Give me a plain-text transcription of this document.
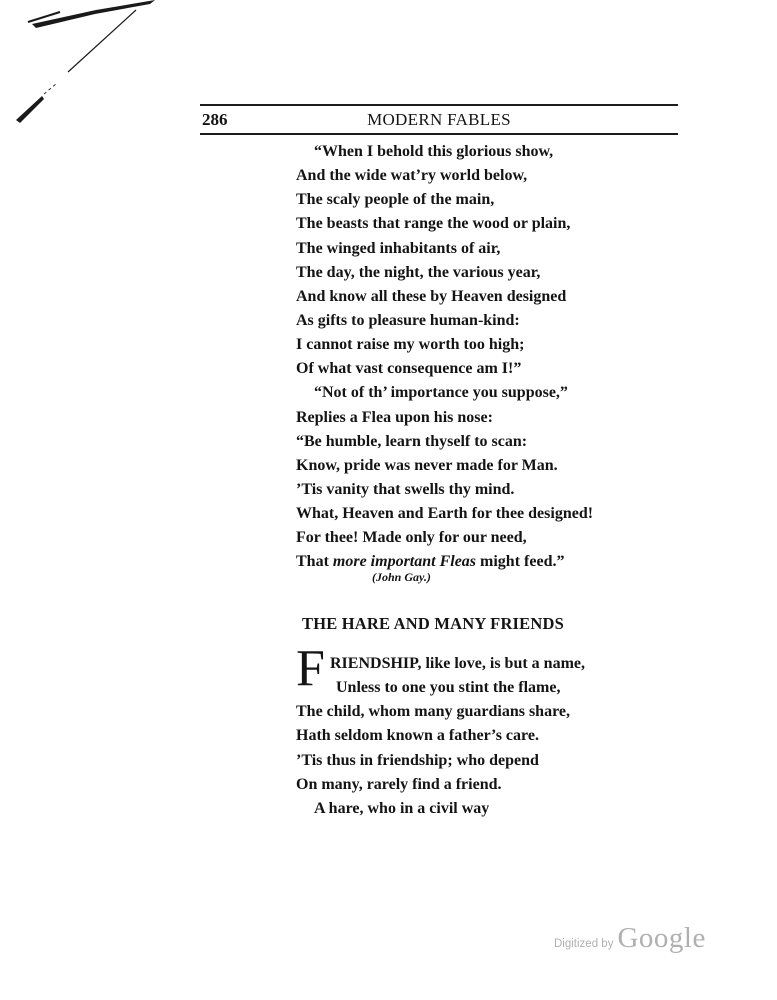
286	MODERN FABLES
“When I behold this glorious show,
And the wide wat’ry world below,
The scaly people of the main,
The beasts that range the wood or plain,
The winged inhabitants of air,
The day, the night, the various year,
And know all these by Heaven designed
As gifts to pleasure human-kind:
I cannot raise my worth too high;
Of what vast consequence am I!”
“Not of th’ importance you suppose,”
Replies a Flea upon his nose:
“Be humble, learn thyself to scan:
Know, pride was never made for Man.
’Tis vanity that swells thy mind.
What, Heaven and Earth for thee designed!
For thee! Made only for our need,
That more important Fleas might feed.”
(John Gay.)
THE HARE AND MANY FRIENDS
F RIENDSHIP, like love, is but a name,
Unless to one you stint the flame,
The child, whom many guardians share,
Hath seldom known a father’s care.
’Tis thus in friendship; who depend
On many, rarely find a friend.
A hare, who in a civil way
Digitized by Google
